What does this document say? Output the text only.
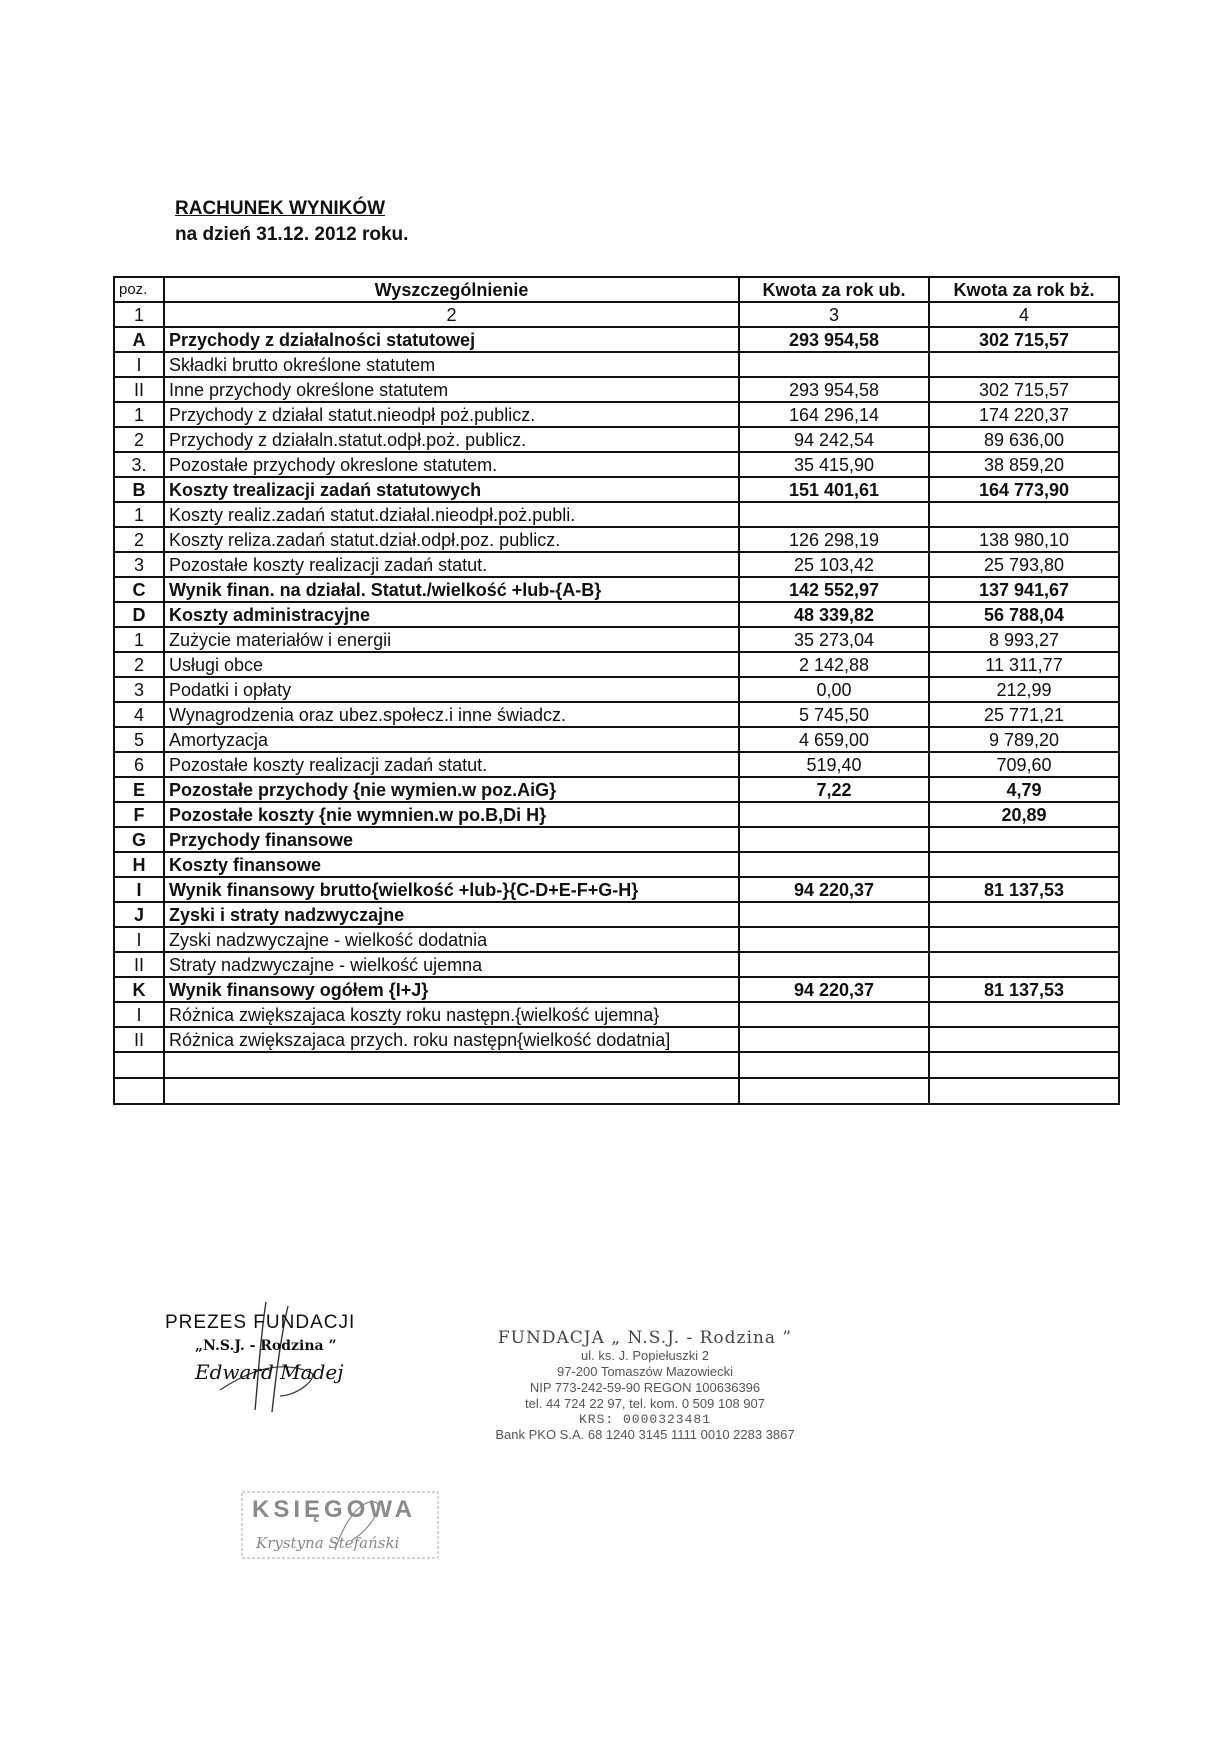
RACHUNEK WYNIKÓW
na dzień 31.12. 2012 roku.
poz.	Wyszczególnienie	Kwota za rok ub.	Kwota za rok bż.
1	2	3	4
A	Przychody z działalności statutowej	293 954,58	302 715,57
I	Składki brutto określone statutem		
II	Inne przychody określone statutem	293 954,58	302 715,57
1	Przychody z działal statut.nieodpł poż.publicz.	164 296,14	174 220,37
2	Przychody z działaln.statut.odpł.poż. publicz.	94 242,54	89 636,00
3.	Pozostałe przychody okreslone statutem.	35 415,90	38 859,20
B	Koszty trealizacji zadań statutowych	151 401,61	164 773,90
1	Koszty realiz.zadań statut.działal.nieodpł.poż.publi.		
2	Koszty reliza.zadań statut.dział.odpł.poz. publicz.	126 298,19	138 980,10
3	Pozostałe koszty realizacji zadań statut.	25 103,42	25 793,80
C	Wynik finan. na działal. Statut./wielkość +lub-{A-B}	142 552,97	137 941,67
D	Koszty administracyjne	48 339,82	56 788,04
1	Zużycie materiałów i energii	35 273,04	8 993,27
2	Usługi obce	2 142,88	11 311,77
3	Podatki i opłaty	0,00	212,99
4	Wynagrodzenia oraz ubez.społecz.i inne świadcz.	5 745,50	25 771,21
5	Amortyzacja	4 659,00	9 789,20
6	Pozostałe koszty realizacji zadań statut.	519,40	709,60
E	Pozostałe przychody {nie wymien.w poz.AiG}	7,22	4,79
F	Pozostałe koszty {nie wymnien.w po.B,Di H}		20,89
G	Przychody finansowe		
H	Koszty finansowe		
I	Wynik finansowy brutto{wielkość +lub-}{C-D+E-F+G-H}	94 220,37	81 137,53
J	Zyski i straty nadzwyczajne		
I	Zyski nadzwyczajne - wielkość dodatnia		
II	Straty nadzwyczajne - wielkość ujemna		
K	Wynik finansowy ogółem {I+J}	94 220,37	81 137,53
I	Różnica zwiększajaca koszty roku następn.{wielkość ujemna}		
II	Różnica zwiększajaca przych. roku następn{wielkość dodatnia]		

PREZES FUNDACJI
„N.S.J. - Rodzina ”
Edward Madej
FUNDACJA „ N.S.J. - Rodzina ”
ul. ks. J. Popiełuszki 2
97-200 Tomaszów Mazowiecki
NIP 773-242-59-90 REGON 100636396
tel. 44 724 22 97, tel. kom. 0 509 108 907
KRS: 0000323481
Bank PKO S.A. 68 1240 3145 1111 0010 2283 3867
KSIĘGOWA
Krystyna Stefański
